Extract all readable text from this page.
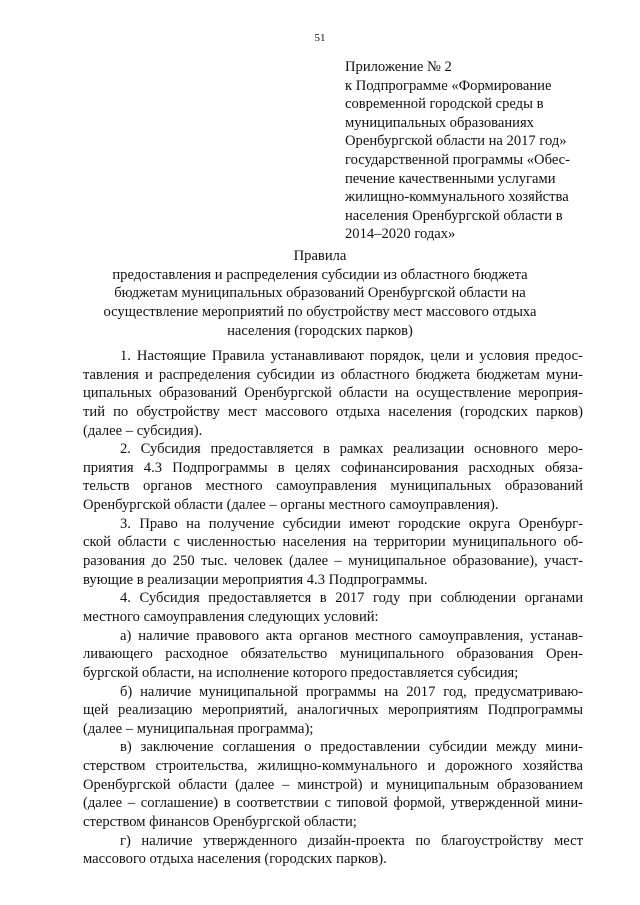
51
Приложение № 2
к Подпрограмме «Формирование
современной городской среды в
муниципальных образованиях
Оренбургской области на 2017 год»
государственной программы «Обес-
печение качественными услугами
жилищно-коммунального хозяйства
населения Оренбургской области в
2014–2020 годах»
Правила
предоставления и распределения субсидии из областного бюджета
бюджетам муниципальных образований Оренбургской области на
осуществление мероприятий по обустройству мест массового отдыха
населения (городских парков)
1. Настоящие Правила устанавливают порядок, цели и условия предос-
тавления и распределения субсидии из областного бюджета бюджетам муни-
ципальных образований Оренбургской области на осуществление мероприя-
тий по обустройству мест массового отдыха населения (городских парков)
(далее – субсидия).
2. Субсидия предоставляется в рамках реализации основного меро-
приятия 4.3 Подпрограммы в целях софинансирования расходных обяза-
тельств органов местного самоуправления муниципальных образований
Оренбургской области (далее – органы местного самоуправления).
3. Право на получение субсидии имеют городские округа Оренбург-
ской области с численностью населения на территории муниципального об-
разования до 250 тыс. человек (далее – муниципальное образование), участ-
вующие в реализации мероприятия 4.3 Подпрограммы.
4. Субсидия предоставляется в 2017 году при соблюдении органами
местного самоуправления следующих условий:
а) наличие правового акта органов местного самоуправления, устанав-
ливающего расходное обязательство муниципального образования Орен-
бургской области, на исполнение которого предоставляется субсидия;
б) наличие муниципальной программы на 2017 год, предусматриваю-
щей реализацию мероприятий, аналогичных мероприятиям Подпрограммы
(далее – муниципальная программа);
в) заключение соглашения о предоставлении субсидии между мини-
стерством строительства, жилищно-коммунального и дорожного хозяйства
Оренбургской области (далее – минстрой) и муниципальным образованием
(далее – соглашение) в соответствии с типовой формой, утвержденной мини-
стерством финансов Оренбургской области;
г) наличие утвержденного дизайн-проекта по благоустройству мест
массового отдыха населения (городских парков).
